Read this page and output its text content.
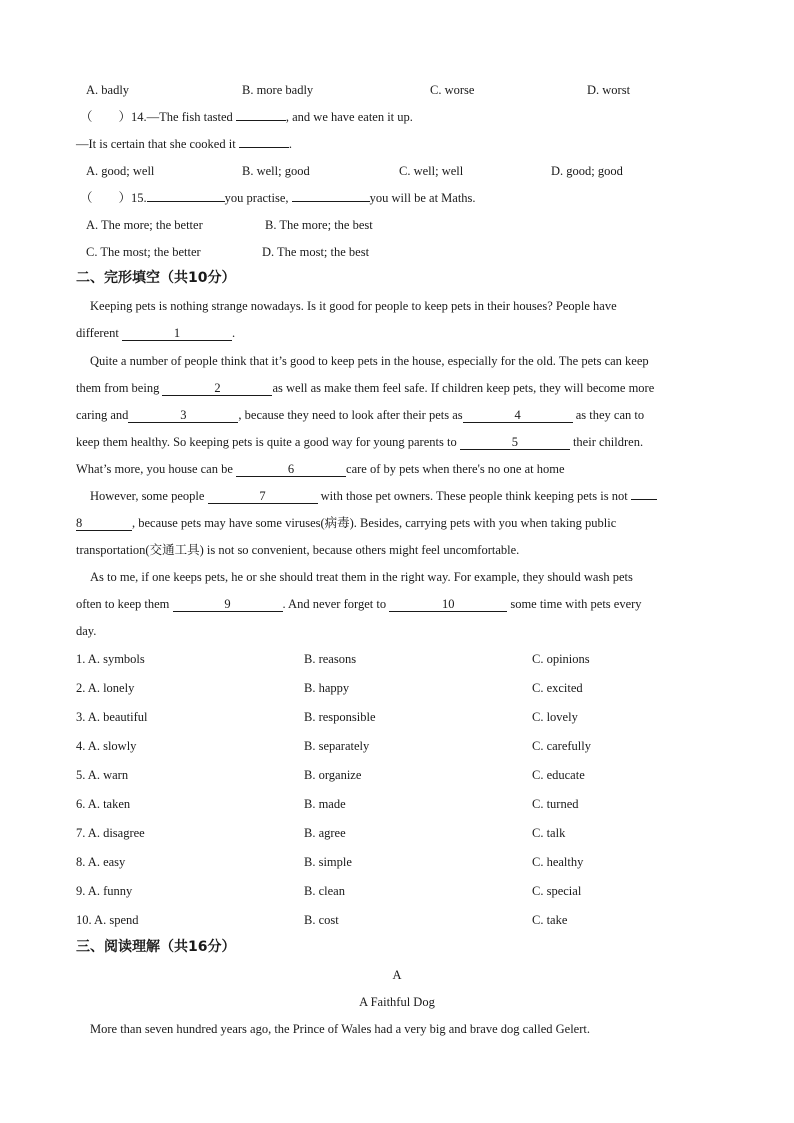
A. badly	B. more badly	C. worse	D. worst
（ ）14.—The fish tasted	, and we have eaten it up.
—It is certain that she cooked it	.
A. good; well	B. well; good	C. well; well	D. good; good
（ ）15.	you practise,	you will be at Maths.
A. The more; the better	B. The more; the best
C. The most; the better	D. The most; the best
二、完形填空（共10分）
Keeping pets is nothing strange nowadays. Is it good for people to keep pets in their houses? People have
different	1	.
Quite a number of people think that it’s good to keep pets in the house, especially for the old. The pets can keep
them from being	2	as well as make them feel safe. If children keep pets, they will become more
caring and	3	, because they need to look after their pets as	4	as they can to
keep them healthy. So keeping pets is quite a good way for young parents to	5	their children.
What’s more, you house can be	6	care of by pets when there's no one at home
However, some people	7	with those pet owners. These people think keeping pets is not
8	, because pets may have some viruses(病毒). Besides, carrying pets with you when taking public
transportation(交通工具) is not so convenient, because others might feel uncomfortable.
As to me, if one keeps pets, he or she should treat them in the right way. For example, they should wash pets
often to keep them	9	. And never forget to	10	some time with pets every
day.
1. A. symbols	B. reasons	C. opinions
2. A. lonely	B. happy	C. excited
3. A. beautiful	B. responsible	C. lovely
4. A. slowly	B. separately	C. carefully
5. A. warn	B. organize	C. educate
6. A. taken	B. made	C. turned
7. A. disagree	B. agree	C. talk
8. A. easy	B. simple	C. healthy
9. A. funny	B. clean	C. special
10. A. spend	B. cost	C. take
三、阅读理解（共16分）
A
A Faithful Dog
More than seven hundred years ago, the Prince of Wales had a very big and brave dog called Gelert.
